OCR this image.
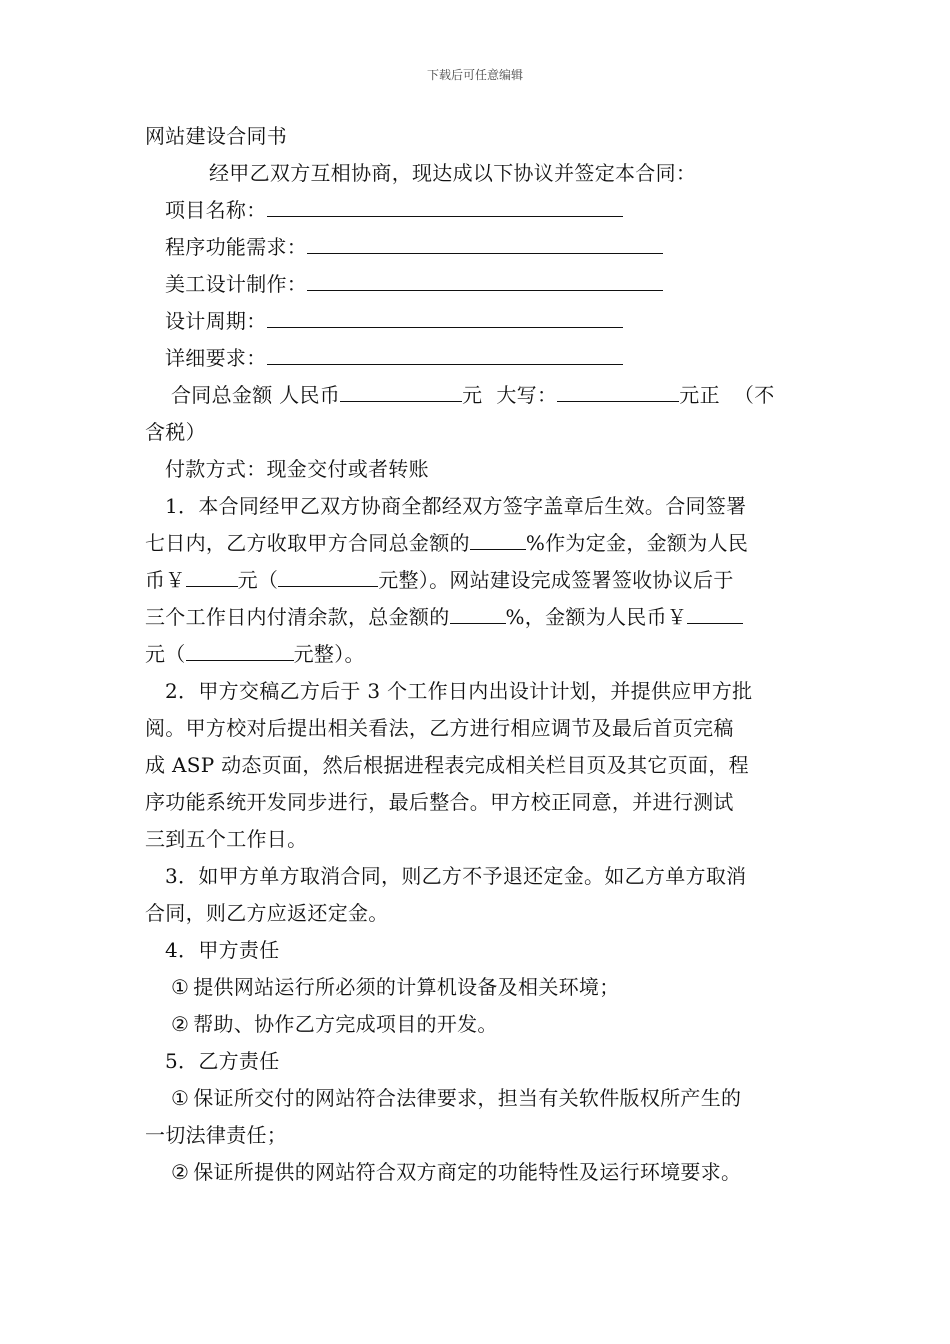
下载后可任意编辑
网站建设合同书
经甲乙双方互相协商，现达成以下协议并签定本合同：
项目名称：
程序功能需求：
美工设计制作：
设计周期：
详细要求：
合同总金额 人民币	元 大写：	元正 （不
含税）
付款方式：现金交付或者转账
1．本合同经甲乙双方协商全都经双方签字盖章后生效。合同签署
七日内，乙方收取甲方合同总金额的	%作为定金，金额为人民
币￥	元（	元整）。网站建设完成签署签收协议后于
三个工作日内付清余款，总金额的	%，金额为人民币￥
元（	元整）。
2．甲方交稿乙方后于 3 个工作日内出设计计划，并提供应甲方批
阅。甲方校对后提出相关看法，乙方进行相应调节及最后首页完稿
成 ASP 动态页面，然后根据进程表完成相关栏目页及其它页面，程
序功能系统开发同步进行，最后整合。甲方校正同意，并进行测试
三到五个工作日。
3．如甲方单方取消合同，则乙方不予退还定金。如乙方单方取消
合同，则乙方应返还定金。
4．甲方责任
① 提供网站运行所必须的计算机设备及相关环境；
② 帮助、协作乙方完成项目的开发。
5．乙方责任
① 保证所交付的网站符合法律要求，担当有关软件版权所产生的
一切法律责任；
② 保证所提供的网站符合双方商定的功能特性及运行环境要求。
